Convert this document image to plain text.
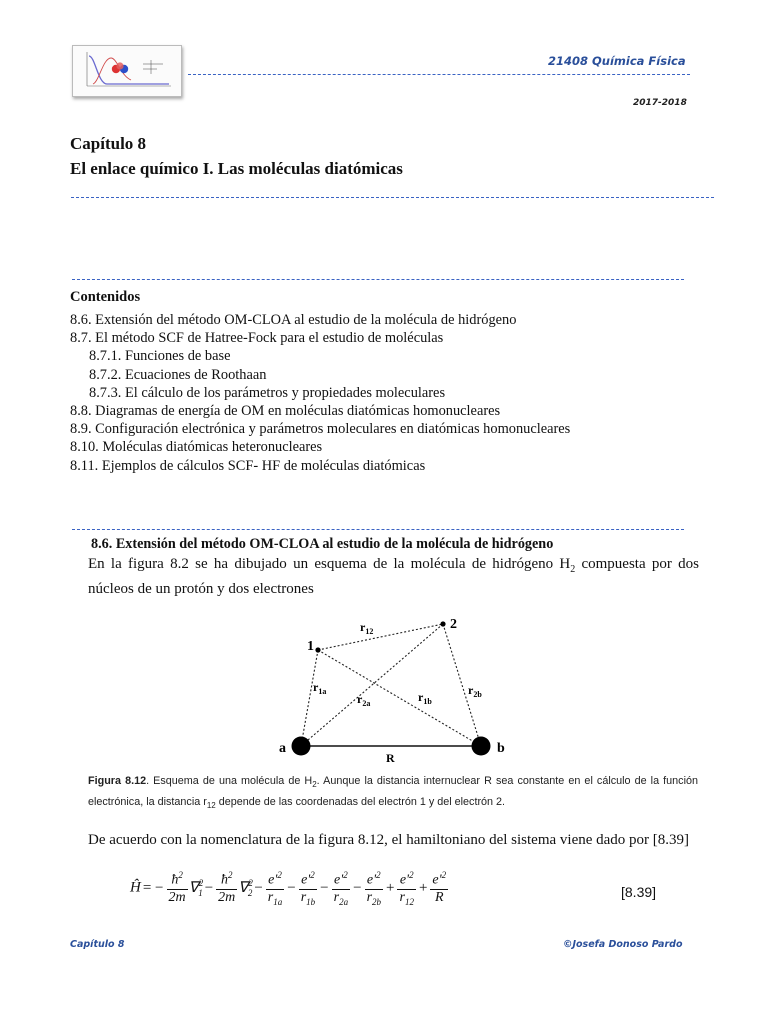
21408 Química Física
2017-2018
Capítulo 8
El enlace químico I. Las moléculas diatómicas
Contenidos
8.6. Extensión del método OM-CLOA al estudio de la molécula de hidrógeno
8.7. El método SCF de Hatree-Fock para el estudio de moléculas
8.7.1. Funciones de base
8.7.2. Ecuaciones de Roothaan
8.7.3. El cálculo de los parámetros y propiedades moleculares
8.8. Diagramas de energía de OM en moléculas diatómicas homonucleares
8.9. Configuración electrónica y parámetros moleculares en diatómicas homonucleares
8.10. Moléculas diatómicas heteronucleares
8.11. Ejemplos de cálculos SCF- HF de moléculas diatómicas
8.6. Extensión del método OM-CLOA al estudio de la molécula de hidrógeno
En la figura 8.2 se ha dibujado un esquema de la molécula de hidrógeno $H_2$ compuesta por dos núcleos de un protón y dos electrones
1
2
a	b
R
$r_{12}$
$r_{1a}$
$r_{2a}$	$r_{1b}$
$r_{2b}$
Figura 8.12. Esquema de una molécula de $H_2$. Aunque la distancia internuclear R sea constante en el cálculo de la función electrónica, la distancia $r_{12}$ depende de las coordenadas del electrón 1 y del electrón 2.
De acuerdo con la nomenclatura de la figura 8.12, el hamiltoniano del sistema viene dado por [8.39]
Ĥ = − $\frac{ħ^2}{2m} \nabla^2_1 - \frac{ħ^2}{2m} \nabla^2_2 - \frac{e'^2}{r_{1a}} - \frac{e'^2}{r_{1b}} - \frac{e'^2}{r_{2a}} - \frac{e'^2}{r_{2b}} + \frac{e'^2}{r_{12}} + \frac{e'^2}{R}$	[8.39]
Capítulo 8	©Josefa Donoso Pardo
